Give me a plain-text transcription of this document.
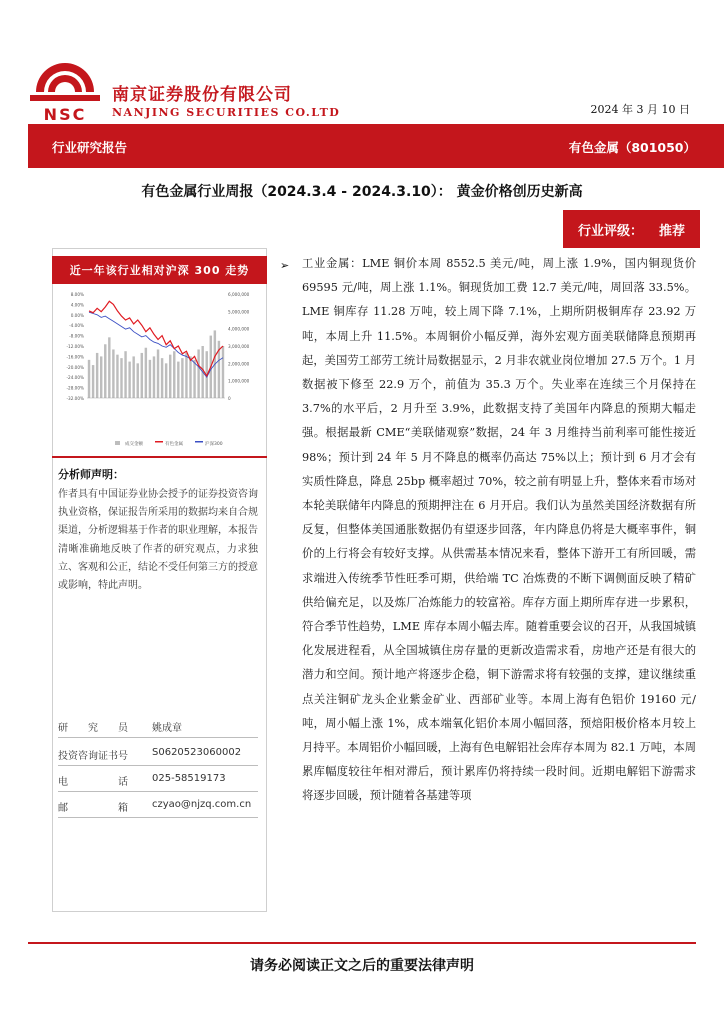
NSC
南京证券股份有限公司
NANJING SECURITIES CO.LTD	2024 年 3 月 10 日
行业研究报告	有色金属（801050）
有色金属行业周报（2024.3.4 - 2024.3.10）： 黄金价格创历史新高
行业评级： 推荐
近一年该行业相对沪深 300 走势
8.00%
4.00%
0.00%
-4.00%
-8.00%
-12.00%
-16.00%
-20.00%
-24.00%
-28.00%
-32.00%
6,000,000
5,000,000
4,000,000
3,000,000
2,000,000
1,000,000
0
成交金额	有色金属	沪深300
分析师声明：
作者具有中国证券业协会授予的证券投资咨询执业资格，保证报告所采用的数据均来自合规渠道，分析逻辑基于作者的职业理解，本报告清晰准确地反映了作者的研究观点，力求独立、客观和公正，结论不受任何第三方的授意或影响，特此声明。
研　　究　　员	姚成章
投资咨询证书号	S0620523060002
电　　　　　话	025-58519173
邮　　　　　箱	czyao@njzq.com.cn
➢ 工业金属：LME 铜价本周 8552.5 美元/吨，周上涨 1.9%，国内铜现货价 69595 元/吨，周上涨 1.1%。铜现货加工费 12.7 美元/吨，周回落 33.5%。LME 铜库存 11.28 万吨，较上周下降 7.1%，上期所阴极铜库存 23.92 万吨，本周上升 11.5%。本周铜价小幅反弹，海外宏观方面美联储降息预期再起，美国劳工部劳工统计局数据显示，2 月非农就业岗位增加 27.5 万个。1 月数据被下修至 22.9 万个，前值为 35.3 万个。失业率在连续三个月保持在 3.7%的水平后，2 月升至 3.9%，此数据支持了美国年内降息的预期大幅走强。根据最新 CME“美联储观察”数据，24 年 3 月维持当前利率可能性接近 98%；预计到 24 年 5 月不降息的概率仍高达 75%以上；预计到 6 月才会有实质性降息，降息 25bp 概率超过 70%，较之前有明显上升，整体来看市场对本轮美联储年内降息的预期押注在 6 月开启。我们认为虽然美国经济数据有所反复，但整体美国通胀数据仍有望逐步回落，年内降息仍将是大概率事件，铜价的上行将会有较好支撑。从供需基本情况来看，整体下游开工有所回暖，需求端进入传统季节性旺季可期，供给端 TC 冶炼费的不断下调侧面反映了精矿供给偏充足，以及炼厂冶炼能力的较富裕。库存方面上期所库存进一步累积，符合季节性趋势，LME 库存本周小幅去库。随着重要会议的召开，从我国城镇化发展进程看，从全国城镇住房存量的更新改造需求看，房地产还是有很大的潜力和空间。预计地产将逐步企稳，铜下游需求将有较强的支撑，建议继续重点关注铜矿龙头企业紫金矿业、西部矿业等。本周上海有色铝价 19160 元/吨，周小幅上涨 1%，成本端氧化铝价本周小幅回落，预焙阳极价格本月较上月持平。本周铝价小幅回暖，上海有色电解铝社会库存本周为 82.1 万吨，本周累库幅度较往年相对滞后，预计累库仍将持续一段时间。近期电解铝下游需求将逐步回暖，预计随着各基建等项
请务必阅读正文之后的重要法律声明
